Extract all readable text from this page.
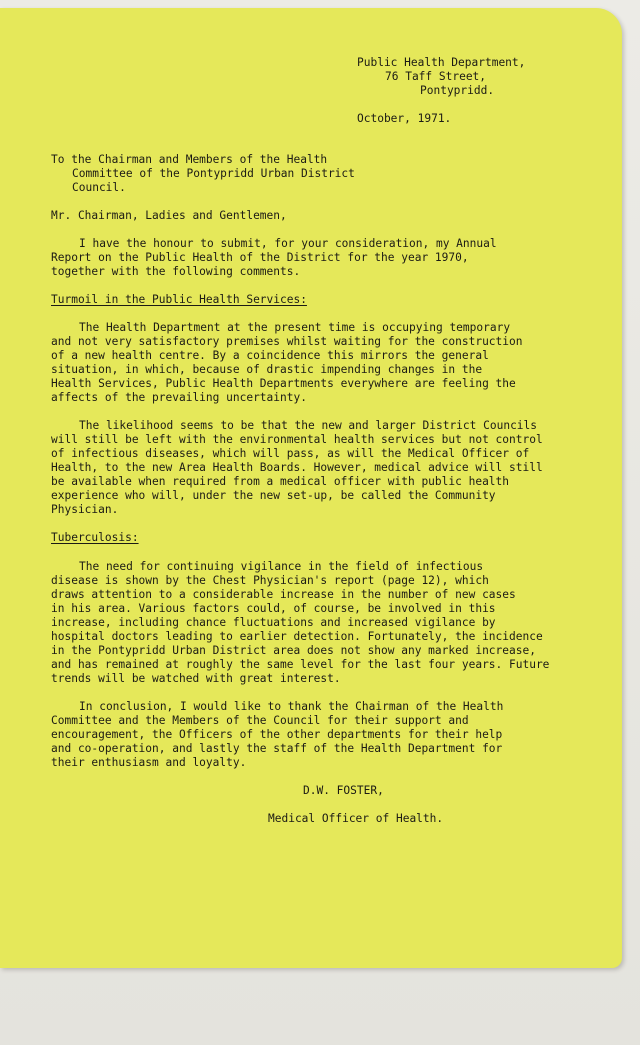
Public Health Department,

76 Taff Street,

Pontypridd.

October, 1971.

To the Chairman and Members of the Health

Committee of the Pontypridd Urban District

Council.

Mr. Chairman, Ladies and Gentlemen,

I have the honour to submit, for your consideration, my Annual

Report on the Public Health of the District for the year 1970,

together with the following comments.

Turmoil in the Public Health Services:

The Health Department at the present time is occupying temporary

and not very satisfactory premises whilst waiting for the construction

of a new health centre. By a coincidence this mirrors the general

situation, in which, because of drastic impending changes in the

Health Services, Public Health Departments everywhere are feeling the

affects of the prevailing uncertainty.

The likelihood seems to be that the new and larger District Councils

will still be left with the environmental health services but not control

of infectious diseases, which will pass, as will the Medical Officer of

Health, to the new Area Health Boards. However, medical advice will still

be available when required from a medical officer with public health

experience who will, under the new set-up, be called the Community

Physician.

Tuberculosis:

The need for continuing vigilance in the field of infectious

disease is shown by the Chest Physician's report (page 12), which

draws attention to a considerable increase in the number of new cases

in his area. Various factors could, of course, be involved in this

increase, including chance fluctuations and increased vigilance by

hospital doctors leading to earlier detection. Fortunately, the incidence

in the Pontypridd Urban District area does not show any marked increase,

and has remained at roughly the same level for the last four years. Future

trends will be watched with great interest.

In conclusion, I would like to thank the Chairman of the Health

Committee and the Members of the Council for their support and

encouragement, the Officers of the other departments for their help

and co-operation, and lastly the staff of the Health Department for

their enthusiasm and loyalty.

D.W. FOSTER,

Medical Officer of Health.
